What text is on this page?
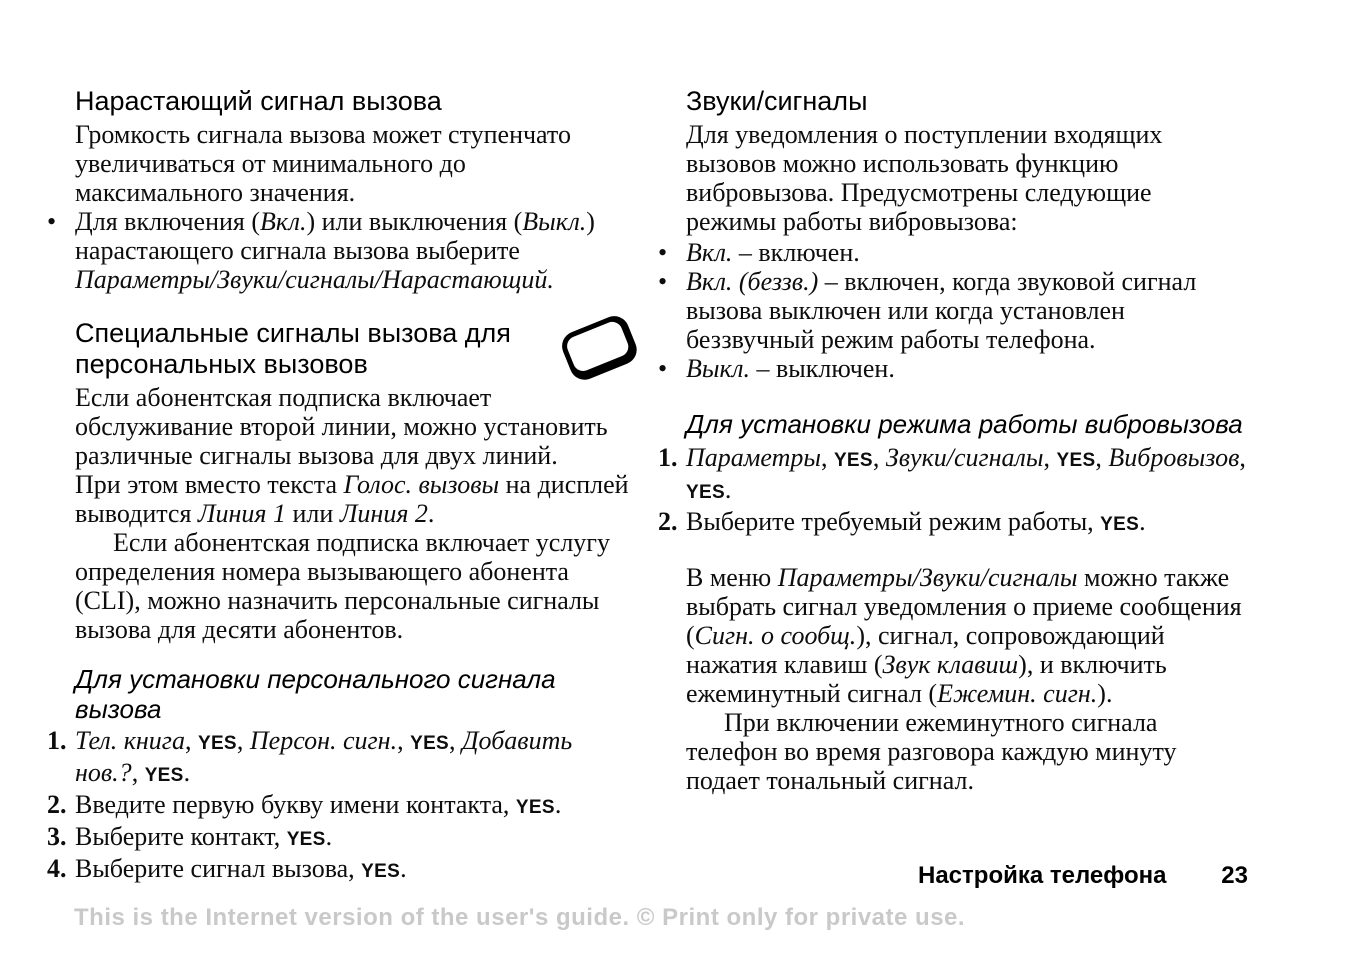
Нарастающий сигнал вызова

Громкость сигнала вызова может ступенчато увеличиваться от минимального до максимального значения.

• Для включения (Вкл.) или выключения (Выкл.) нарастающего сигнала вызова выберите Параметры/Звуки/сигналы/Нарастающий.

Специальные сигналы вызова для персональных вызовов

Если абонентская подписка включает обслуживание второй линии, можно установить различные сигналы вызова для двух линий.

При этом вместо текста Голос. вызовы на дисплей выводится Линия 1 или Линия 2.

Если абонентская подписка включает услугу определения номера вызывающего абонента (CLI), можно назначить персональные сигналы вызова для десяти абонентов.

Для установки персонального сигнала вызова
1. Тел. книга, YES, Персон. сигн., YES, Добавить нов.?, YES.

2. Введите первую букву имени контакта, YES.

3. Выберите контакт, YES.

4. Выберите сигнал вызова, YES.

Звуки/сигналы

Для уведомления о поступлении входящих вызовов можно использовать функцию вибровызова. Предусмотрены следующие режимы работы вибровызова:

• Вкл. – включен.

• Вкл. (беззв.) – включен, когда звуковой сигнал вызова выключен или когда установлен беззвучный режим работы телефона.

• Выкл. – выключен.

Для установки режима работы вибровызова
1. Параметры, YES, Звуки/сигналы, YES, Вибровызов, YES.

2. Выберите требуемый режим работы, YES.

В меню Параметры/Звуки/сигналы можно также выбрать сигнал уведомления о приеме сообщения (Сигн. о сообщ.), сигнал, сопровождающий нажатия клавиш (Звук клавиш), и включить ежеминутный сигнал (Ежемин. сигн.).

При включении ежеминутного сигнала телефон во время разговора каждую минуту подает тональный сигнал.

Настройка телефона 23
This is the Internet version of the user's guide. © Print only for private use.
